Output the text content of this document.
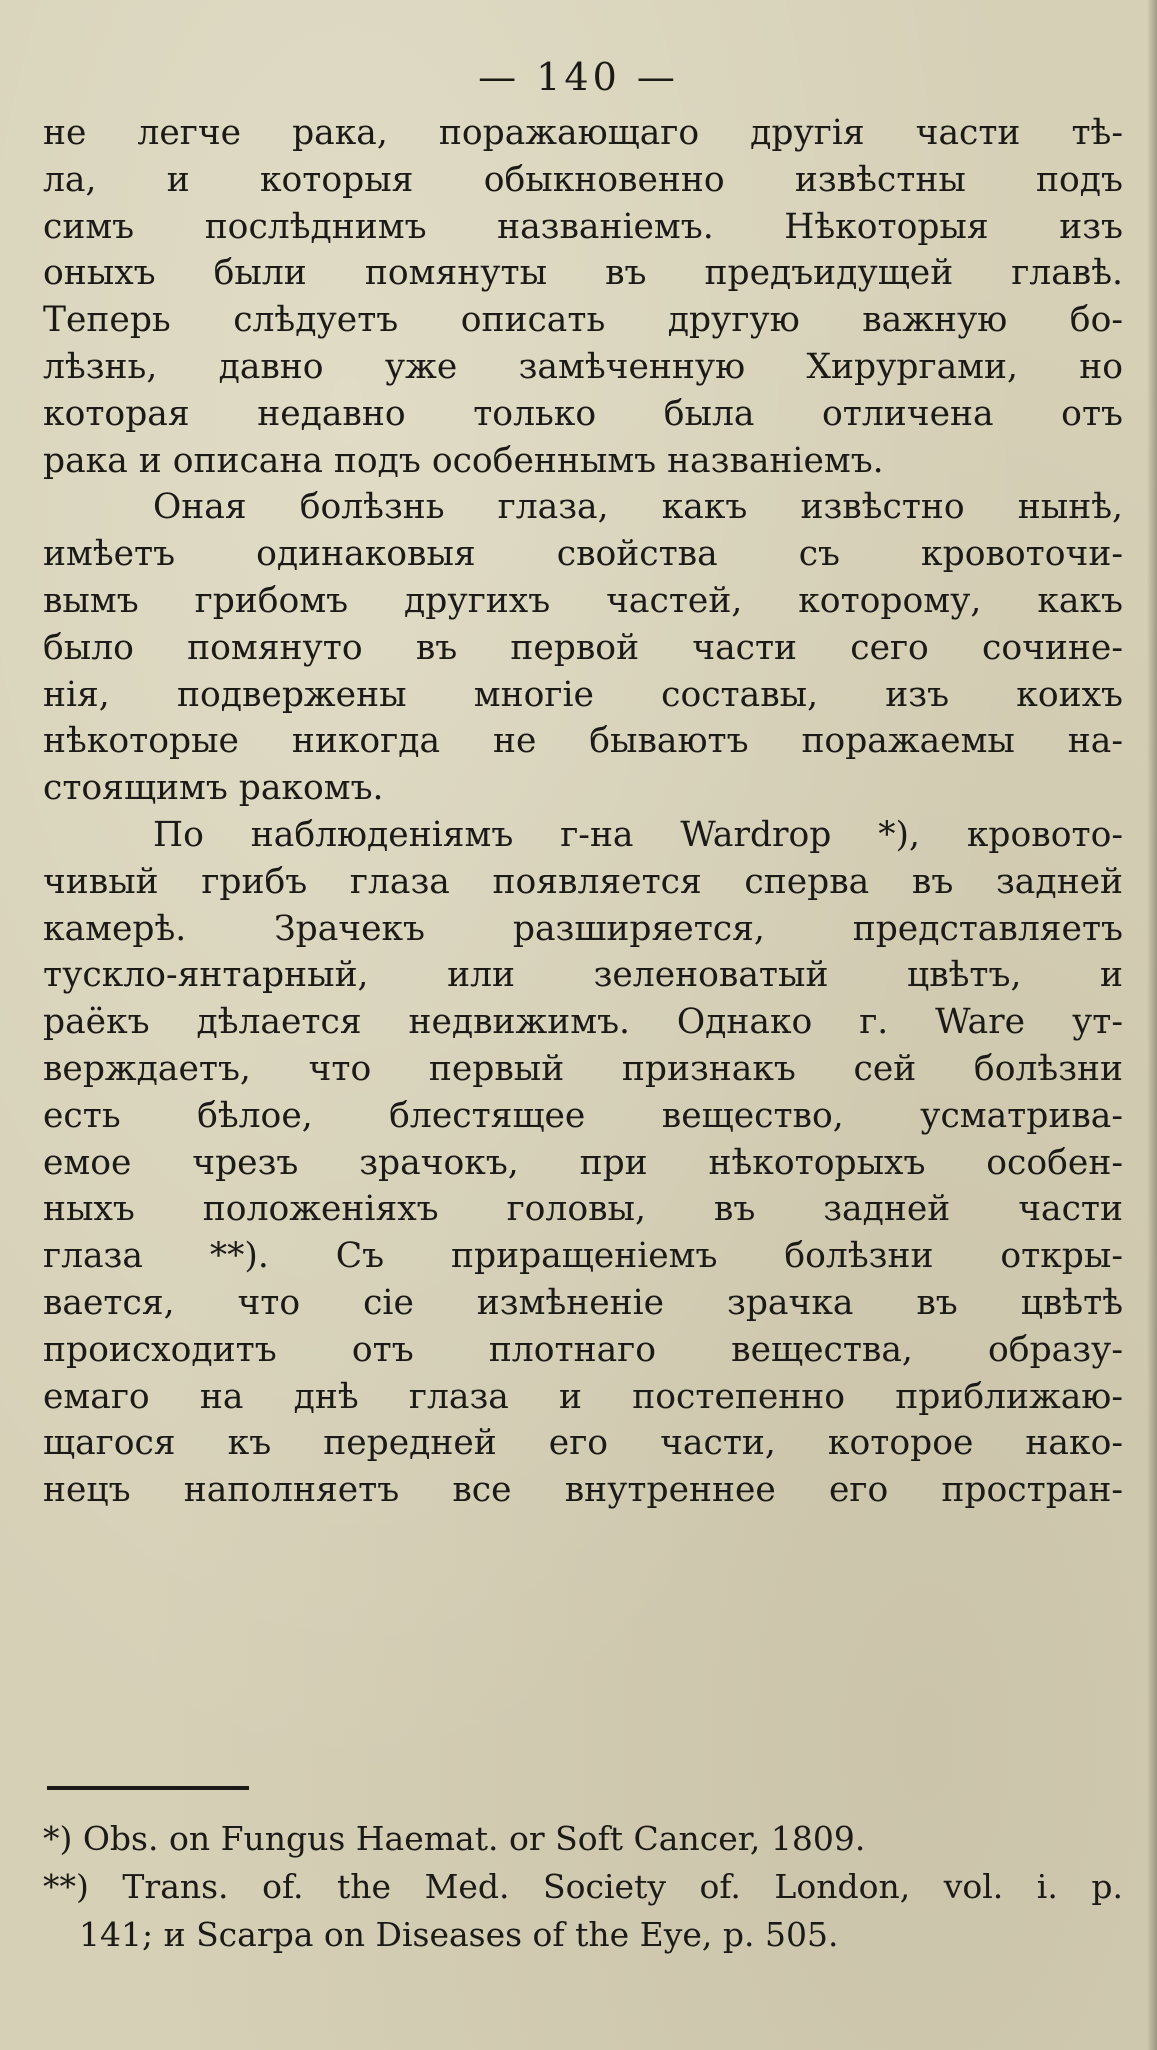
— 140 —
не легче рака, поражающаго другія части тѣ-
ла, и которыя обыкновенно извѣстны подъ
симъ послѣднимъ названіемъ. Нѣкоторыя изъ
оныхъ были помянуты въ предъидущей главѣ.
Теперь слѣдуетъ описать другую важную бо-
лѣзнь, давно уже замѣченную Хирургами, но
которая недавно только была отличена отъ
рака и описана подъ особеннымъ названіемъ.
Оная болѣзнь глаза, какъ извѣстно нынѣ,
имѣетъ одинаковыя свойства съ кровоточи-
вымъ грибомъ другихъ частей, которому, какъ
было помянуто въ первой части сего сочине-
нія, подвержены многіе составы, изъ коихъ
нѣкоторые никогда не бываютъ поражаемы на-
стоящимъ ракомъ.
По наблюденіямъ г-на Wardrop *), кровото-
чивый грибъ глаза появляется сперва въ задней
камерѣ. Зрачекъ разширяется, представляетъ
тускло-янтарный, или зеленоватый цвѣтъ, и
раёкъ дѣлается недвижимъ. Однако г. Ware ут-
верждаетъ, что первый признакъ сей болѣзни
есть бѣлое, блестящее вещество, усматрива-
емое чрезъ зрачокъ, при нѣкоторыхъ особен-
ныхъ положеніяхъ головы, въ задней части
глаза **). Съ приращеніемъ болѣзни откры-
вается, что сіе измѣненіе зрачка въ цвѣтѣ
происходитъ отъ плотнаго вещества, образу-
емаго на днѣ глаза и постепенно приближаю-
щагося къ передней его части, которое нако-
нецъ наполняетъ все внутреннее его простран-
*) Obs. on Fungus Haemat. or Soft Cancer, 1809.
**) Trans. of. the Med. Society of. London, vol. i. p.
141; и Scarpa on Diseases of the Eye, p. 505.
